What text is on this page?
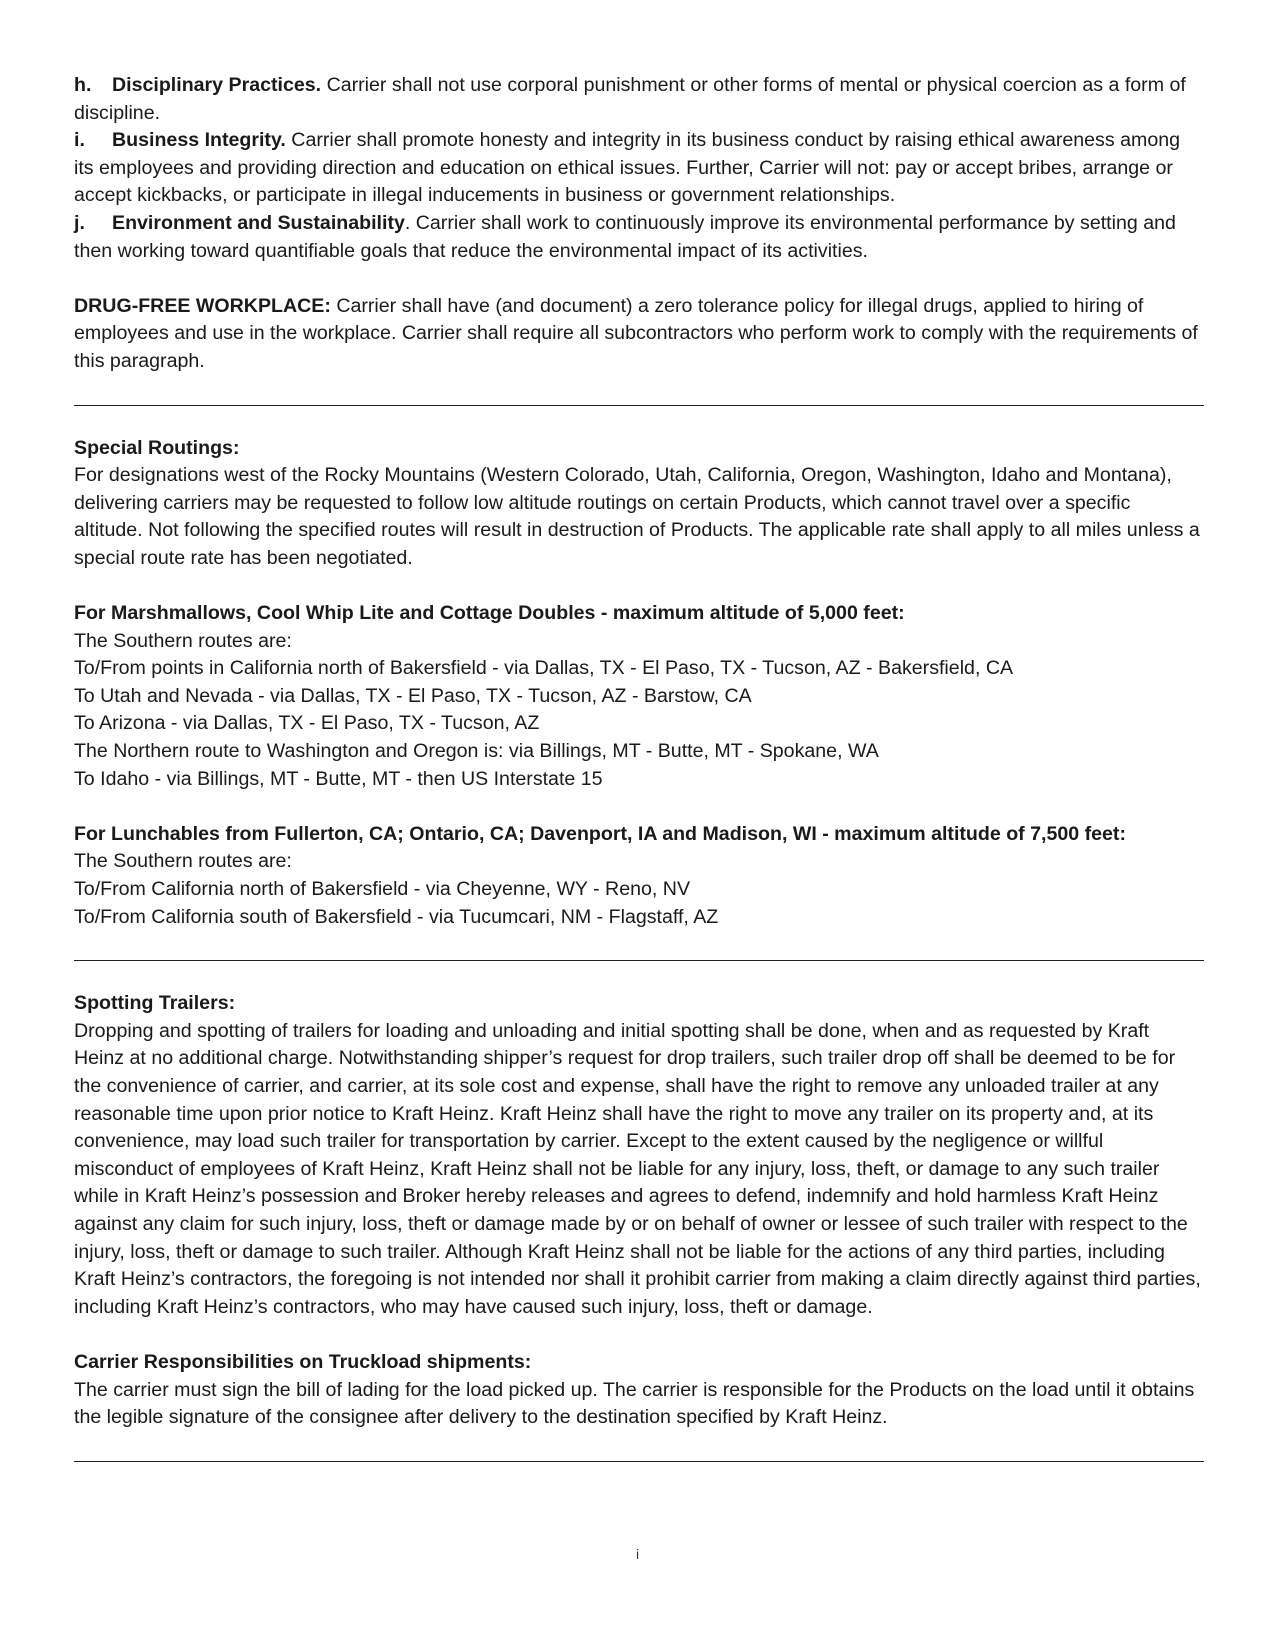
h. Disciplinary Practices. Carrier shall not use corporal punishment or other forms of mental or physical coercion as a form of discipline.

i. Business Integrity. Carrier shall promote honesty and integrity in its business conduct by raising ethical awareness among its employees and providing direction and education on ethical issues. Further, Carrier will not: pay or accept bribes, arrange or accept kickbacks, or participate in illegal inducements in business or government relationships.

j. Environment and Sustainability. Carrier shall work to continuously improve its environmental performance by setting and then working toward quantifiable goals that reduce the environmental impact of its activities.

DRUG-FREE WORKPLACE: Carrier shall have (and document) a zero tolerance policy for illegal drugs, applied to hiring of employees and use in the workplace. Carrier shall require all subcontractors who perform work to comply with the requirements of this paragraph.

Special Routings:

For designations west of the Rocky Mountains (Western Colorado, Utah, California, Oregon, Washington, Idaho and Montana), delivering carriers may be requested to follow low altitude routings on certain Products, which cannot travel over a specific altitude. Not following the specified routes will result in destruction of Products. The applicable rate shall apply to all miles unless a special route rate has been negotiated.

For Marshmallows, Cool Whip Lite and Cottage Doubles - maximum altitude of 5,000 feet:

The Southern routes are:

To/From points in California north of Bakersfield - via Dallas, TX - El Paso, TX - Tucson, AZ - Bakersfield, CA

To Utah and Nevada - via Dallas, TX - El Paso, TX - Tucson, AZ - Barstow, CA

To Arizona - via Dallas, TX - El Paso, TX - Tucson, AZ

The Northern route to Washington and Oregon is: via Billings, MT - Butte, MT - Spokane, WA

To Idaho - via Billings, MT - Butte, MT - then US Interstate 15

For Lunchables from Fullerton, CA; Ontario, CA; Davenport, IA and Madison, WI - maximum altitude of 7,500 feet:

The Southern routes are:

To/From California north of Bakersfield - via Cheyenne, WY - Reno, NV

To/From California south of Bakersfield - via Tucumcari, NM - Flagstaff, AZ

Spotting Trailers:

Dropping and spotting of trailers for loading and unloading and initial spotting shall be done, when and as requested by Kraft Heinz at no additional charge. Notwithstanding shipper’s request for drop trailers, such trailer drop off shall be deemed to be for the convenience of carrier, and carrier, at its sole cost and expense, shall have the right to remove any unloaded trailer at any reasonable time upon prior notice to Kraft Heinz. Kraft Heinz shall have the right to move any trailer on its property and, at its convenience, may load such trailer for transportation by carrier. Except to the extent caused by the negligence or willful misconduct of employees of Kraft Heinz, Kraft Heinz shall not be liable for any injury, loss, theft, or damage to any such trailer while in Kraft Heinz’s possession and Broker hereby releases and agrees to defend, indemnify and hold harmless Kraft Heinz against any claim for such injury, loss, theft or damage made by or on behalf of owner or lessee of such trailer with respect to the injury, loss, theft or damage to such trailer. Although Kraft Heinz shall not be liable for the actions of any third parties, including Kraft Heinz’s contractors, the foregoing is not intended nor shall it prohibit carrier from making a claim directly against third parties, including Kraft Heinz’s contractors, who may have caused such injury, loss, theft or damage.

Carrier Responsibilities on Truckload shipments:

The carrier must sign the bill of lading for the load picked up. The carrier is responsible for the Products on the load until it obtains the legible signature of the consignee after delivery to the destination specified by Kraft Heinz.

i
